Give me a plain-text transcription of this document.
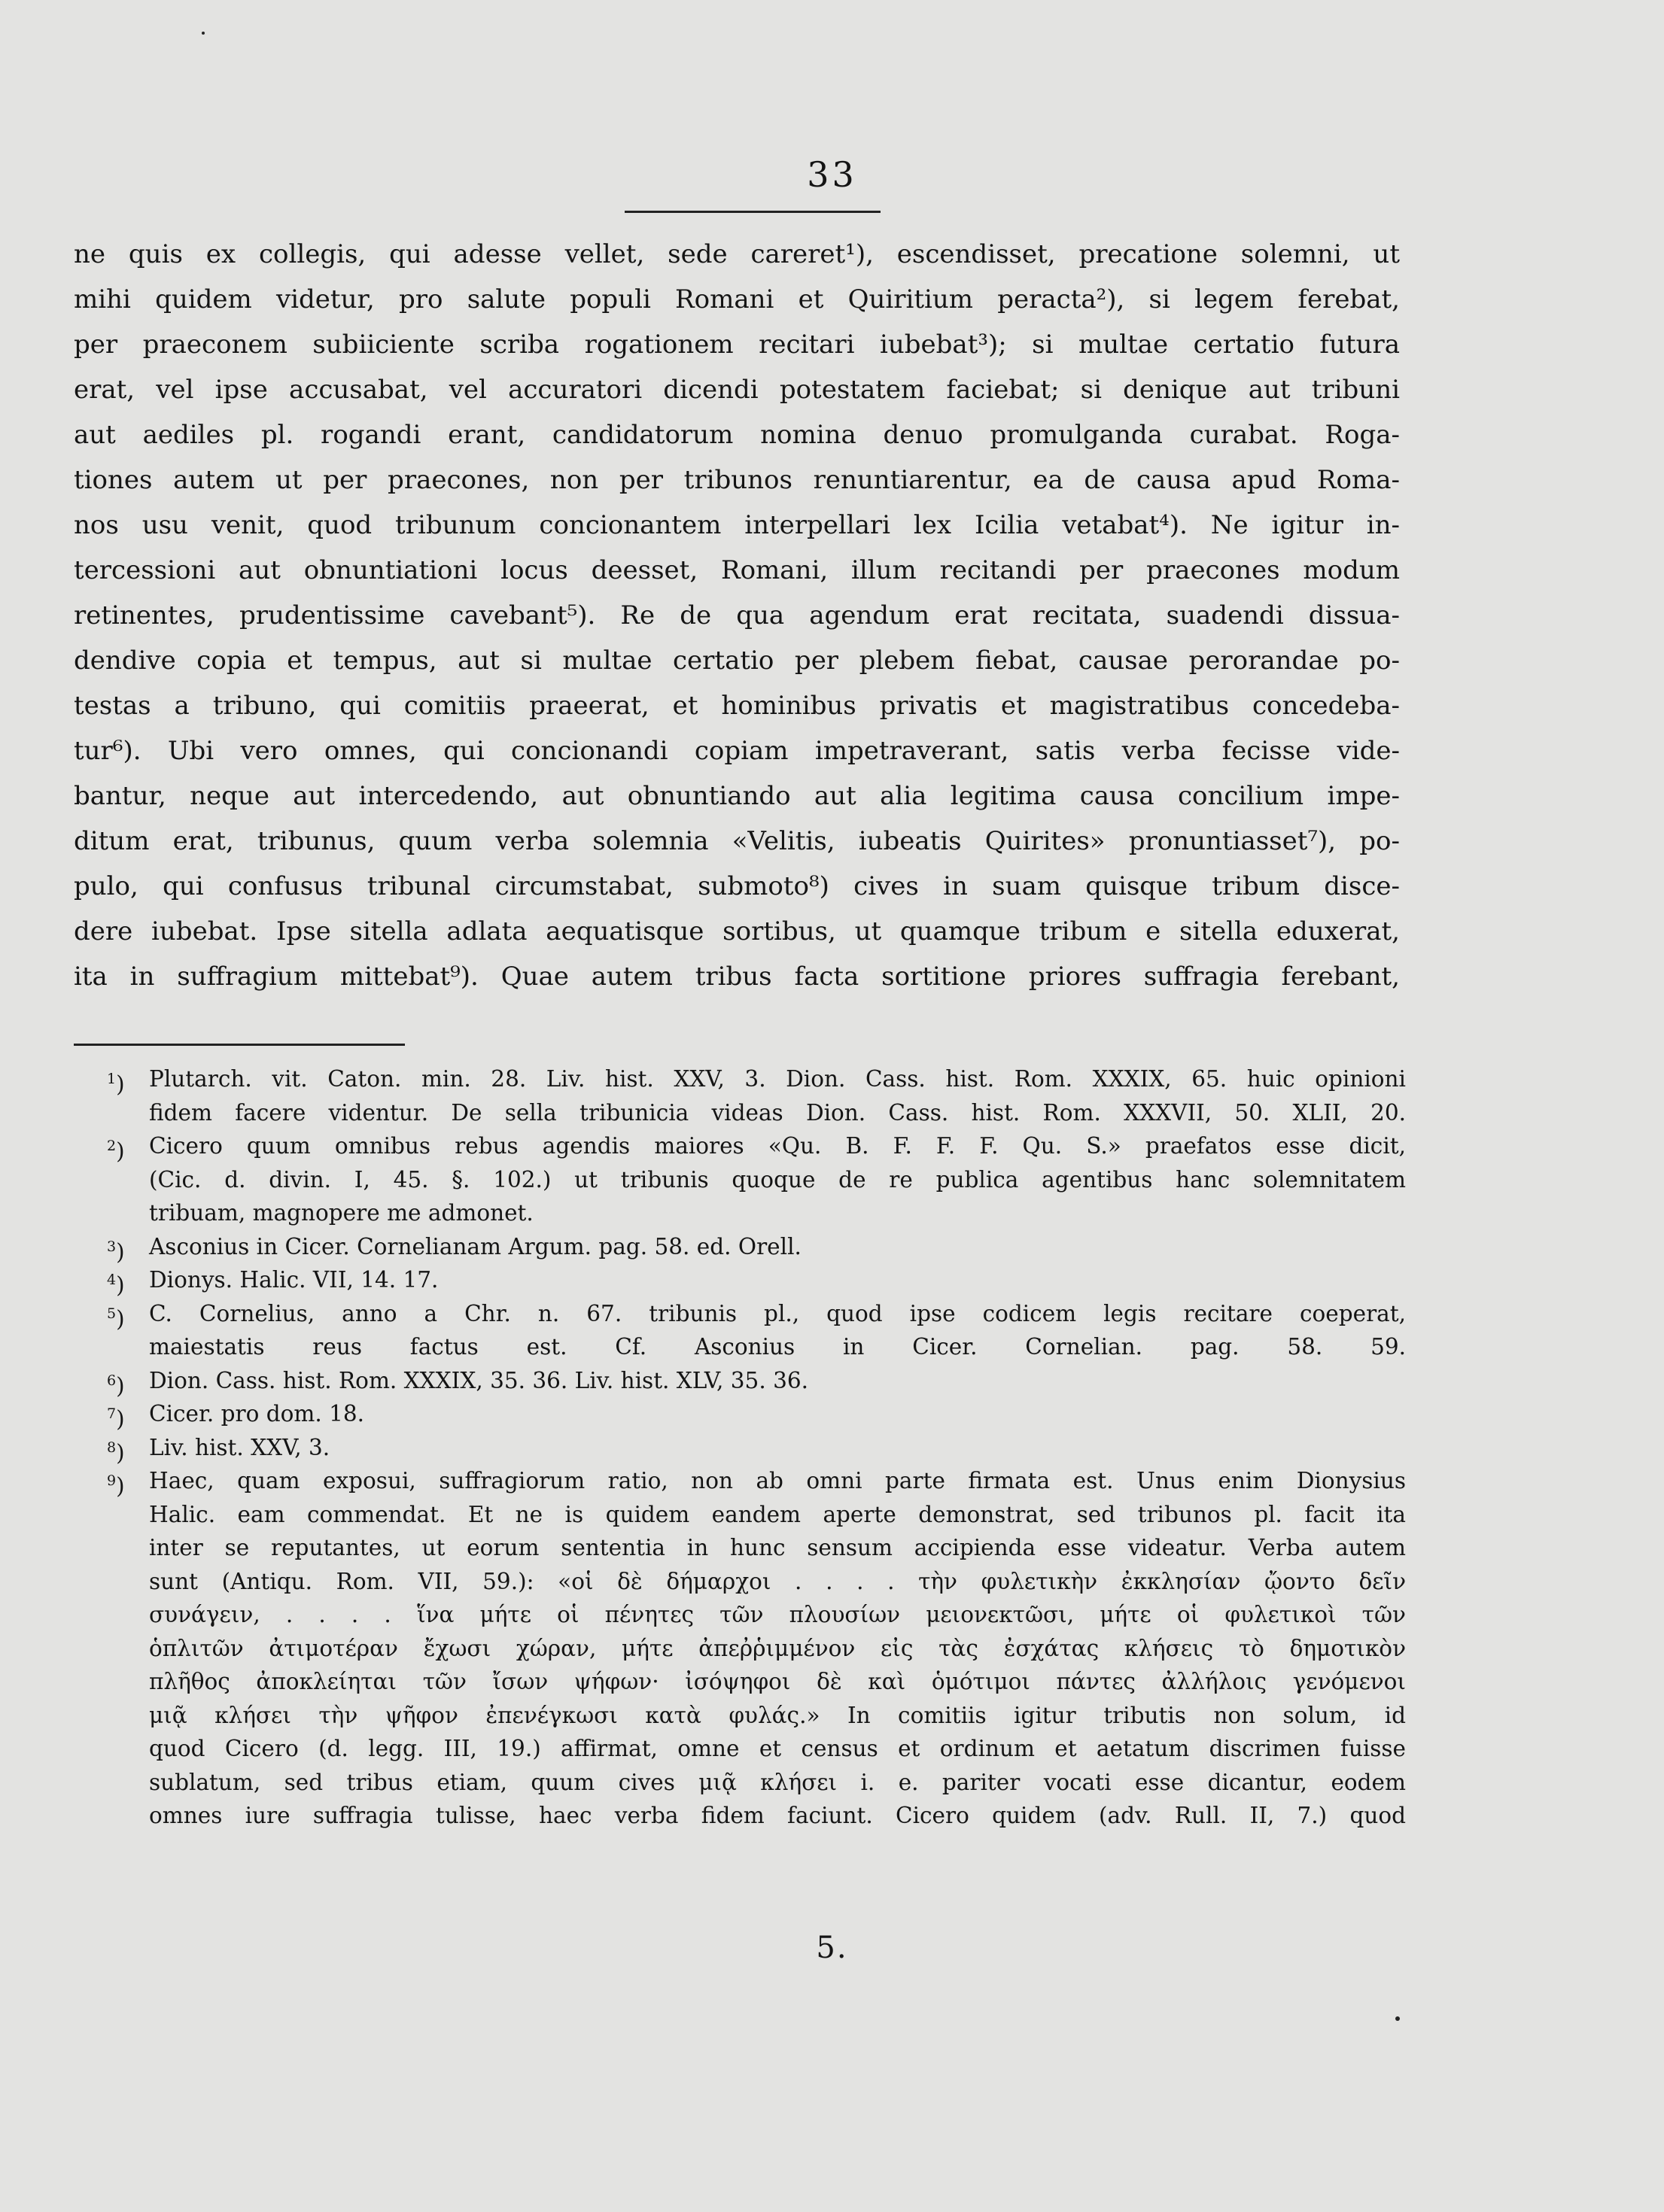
33
ne quis ex collegis, qui adesse vellet, sede careret¹), escendisset, precatione solemni, ut
mihi quidem videtur, pro salute populi Romani et Quiritium peracta²), si legem ferebat,
per praeconem subiiciente scriba rogationem recitari iubebat³); si multae certatio futura
erat, vel ipse accusabat, vel accuratori dicendi potestatem faciebat; si denique aut tribuni
aut aediles pl. rogandi erant, candidatorum nomina denuo promulganda curabat. Roga-
tiones autem ut per praecones, non per tribunos renuntiarentur, ea de causa apud Roma-
nos usu venit, quod tribunum concionantem interpellari lex Icilia vetabat⁴). Ne igitur in-
tercessioni aut obnuntiationi locus deesset, Romani, illum recitandi per praecones modum
retinentes, prudentissime cavebant⁵). Re de qua agendum erat recitata, suadendi dissua-
dendive copia et tempus, aut si multae certatio per plebem fiebat, causae perorandae po-
testas a tribuno, qui comitiis praeerat, et hominibus privatis et magistratibus concedeba-
tur⁶). Ubi vero omnes, qui concionandi copiam impetraverant, satis verba fecisse vide-
bantur, neque aut intercedendo, aut obnuntiando aut alia legitima causa concilium impe-
ditum erat, tribunus, quum verba solemnia «Velitis, iubeatis Quirites» pronuntiasset⁷), po-
pulo, qui confusus tribunal circumstabat, submoto⁸) cives in suam quisque tribum disce-
dere iubebat. Ipse sitella adlata aequatisque sortibus, ut quamque tribum e sitella eduxerat,
ita in suffragium mittebat⁹). Quae autem tribus facta sortitione priores suffragia ferebant,
$^1$) Plutarch. vit. Caton. min. 28. Liv. hist. XXV, 3. Dion. Cass. hist. Rom. XXXIX, 65. huic opinioni
fidem facere videntur. De sella tribunicia videas Dion. Cass. hist. Rom. XXXVII, 50. XLII, 20.
$^2$) Cicero quum omnibus rebus agendis maiores «Qu. B. F. F. F. Qu. S.» praefatos esse dicit,
(Cic. d. divin. I, 45. §. 102.) ut tribunis quoque de re publica agentibus hanc solemnitatem
tribuam, magnopere me admonet.
$^3$) Asconius in Cicer. Cornelianam Argum. pag. 58. ed. Orell.
$^4$) Dionys. Halic. VII, 14. 17.
$^5$) C. Cornelius, anno a Chr. n. 67. tribunis pl., quod ipse codicem legis recitare coeperat,
maiestatis reus factus est. Cf. Asconius in Cicer. Cornelian. pag. 58. 59.
$^6$) Dion. Cass. hist. Rom. XXXIX, 35. 36. Liv. hist. XLV, 35. 36.
$^7$) Cicer. pro dom. 18.
$^8$) Liv. hist. XXV, 3.
$^9$) Haec, quam exposui, suffragiorum ratio, non ab omni parte firmata est. Unus enim Dionysius
Halic. eam commendat. Et ne is quidem eandem aperte demonstrat, sed tribunos pl. facit ita
inter se reputantes, ut eorum sententia in hunc sensum accipienda esse videatur. Verba autem
sunt (Antiqu. Rom. VII, 59.): «οἱ δὲ δήμαρχοι . . . . τὴν φυλετικὴν ἐκκλησίαν ᾤοντο δεῖν
συνάγειν, . . . . ἵνα μήτε οἱ πένητες τῶν πλουσίων μειονεκτῶσι, μήτε οἱ φυλετικοὶ τῶν
ὁπλιτῶν ἀτιμοτέραν ἔχωσι χώραν, μήτε ἀπεῤῥιμμένον εἰς τὰς ἐσχάτας κλήσεις τὸ δημοτικὸν
πλῆθος ἀποκλείηται τῶν ἴσων ψήφων· ἰσόψηφοι δὲ καὶ ὁμότιμοι πάντες ἀλλήλοις γενόμενοι
μιᾷ κλήσει τὴν ψῆφον ἐπενέγκωσι κατὰ φυλάς.» In comitiis igitur tributis non solum, id
quod Cicero (d. legg. III, 19.) affirmat, omne et census et ordinum et aetatum discrimen fuisse
sublatum, sed tribus etiam, quum cives μιᾷ κλήσει i. e. pariter vocati esse dicantur, eodem
omnes iure suffragia tulisse, haec verba fidem faciunt. Cicero quidem (adv. Rull. II, 7.) quod
5.
